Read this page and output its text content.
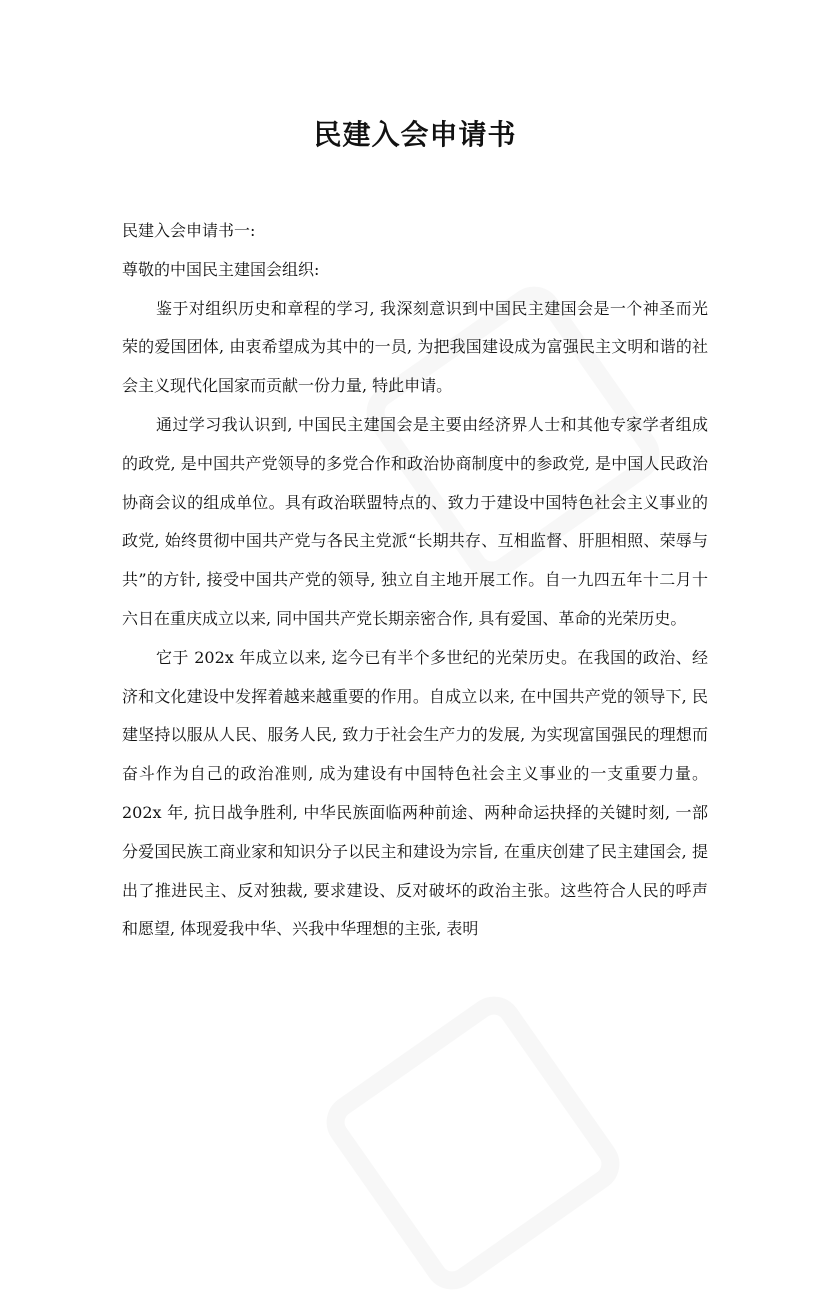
民建入会申请书

民建入会申请书一:

尊敬的中国民主建国会组织:

鉴于对组织历史和章程的学习, 我深刻意识到中国民主建国会是一个神圣而光荣的爱国团体, 由衷希望成为其中的一员, 为把我国建设成为富强民主文明和谐的社会主义现代化国家而贡献一份力量, 特此申请。

通过学习我认识到, 中国民主建国会是主要由经济界人士和其他专家学者组成的政党, 是中国共产党领导的多党合作和政治协商制度中的参政党, 是中国人民政治协商会议的组成单位。具有政治联盟特点的、致力于建设中国特色社会主义事业的政党, 始终贯彻中国共产党与各民主党派“长期共存、互相监督、肝胆相照、荣辱与共”的方针, 接受中国共产党的领导, 独立自主地开展工作。自一九四五年十二月十六日在重庆成立以来, 同中国共产党长期亲密合作, 具有爱国、革命的光荣历史。

它于 202x 年成立以来, 迄今已有半个多世纪的光荣历史。在我国的政治、经济和文化建设中发挥着越来越重要的作用。自成立以来, 在中国共产党的领导下, 民建坚持以服从人民、服务人民, 致力于社会生产力的发展, 为实现富国强民的理想而奋斗作为自己的政治准则, 成为建设有中国特色社会主义事业的一支重要力量。202x 年, 抗日战争胜利, 中华民族面临两种前途、两种命运抉择的关键时刻, 一部分爱国民族工商业家和知识分子以民主和建设为宗旨, 在重庆创建了民主建国会, 提出了推进民主、反对独裁, 要求建设、反对破坏的政治主张。这些符合人民的呼声和愿望, 体现爱我中华、兴我中华理想的主张, 表明
